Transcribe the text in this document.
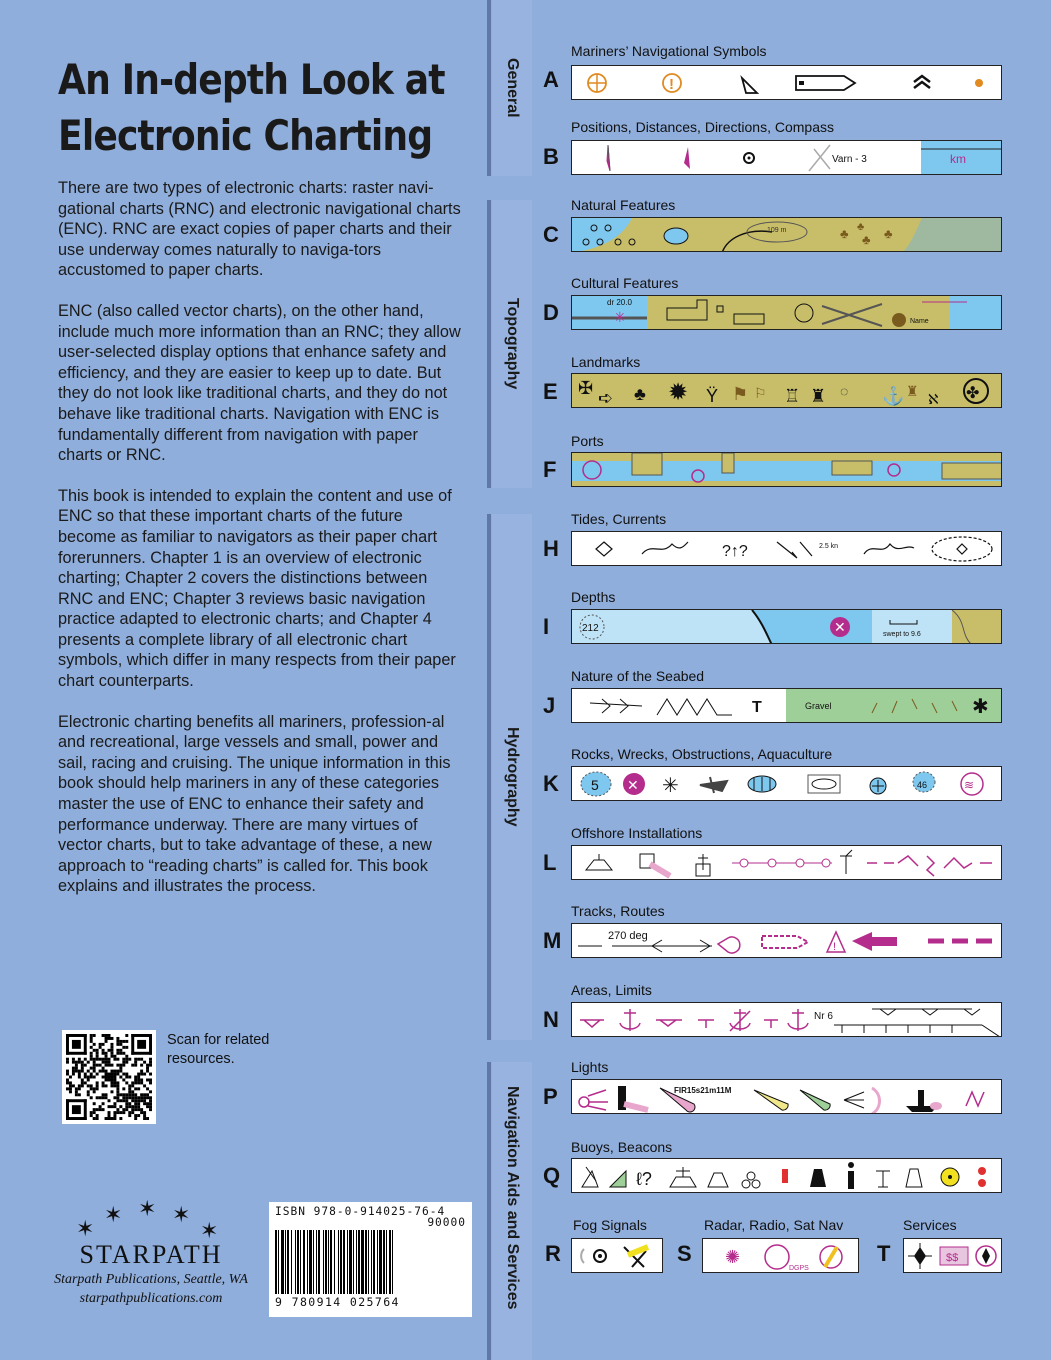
An In-depth Look at
Electronic Charting

There are two types of electronic charts: raster navi-gational charts (RNC) and electronic navigational charts (ENC). RNC are exact copies of paper charts and their use underway comes naturally to naviga-tors accustomed to paper charts.

ENC (also called vector charts), on the other hand, include much more information than an RNC; they allow user-selected display options that enhance safety and efficiency, and they are easier to keep up to date. But they do not look like traditional charts, and they do not behave like traditional charts. Navigation with ENC is fundamentally different from navigation with paper charts or RNC.

This book is intended to explain the content and use of ENC so that these important charts of the future become as familiar to navigators as their paper chart forerunners. Chapter 1 is an overview of electronic charting; Chapter 2 covers the distinctions between RNC and ENC; Chapter 3 reviews basic navigation practice adapted to electronic charts; and Chapter 4 presents a complete library of all electronic chart symbols, which differ in many respects from their paper chart counterparts.

Electronic charting benefits all mariners, profession-al and recreational, large vessels and small, power and sail, racing and cruising. The unique information in this book should help mariners in any of these categories master the use of ENC to enhance their safety and performance underway. There are many virtues of vector charts, but to take advantage of these, a new approach to “reading charts” is called for. This book explains and illustrates the process.

Scan for related resources.
✶
✶ ✶ ✶
✶
STARPATH
Starpath Publications, Seattle, WA
starpathpublications.com
ISBN 978-0-914025-76-4
90000
9 780914 025764
General
Topography
Hydrography
Navigation Aids and Services
Mariners’ Navigational Symbols
A	!
Positions, Distances, Directions, Compass
B	Varn - 3	km
Natural Features
C	109 m	♣ ♣ ♣
♣
Cultural Features
D	dr 20.0
✳	Name
Landmarks
E ✠ ➪ ♣ ✹ Ÿ ⚑ ⚐ ♖ ♜ ◌ ⚓ ♜ ℵ ✤
Ports
F
Tides, Currents
H	?↑?	2.5 kn
Depths
I	212	✕	swept to 9.6
Nature of the Seabed
J	T	Gravel	✱
Rocks, Wrecks, Obstructions, Aquaculture
K 5 ✕ ✳	46	≋
Offshore Installations
L
Tracks, Routes
M	270 deg
!
Areas, Limits
N	Nr 6
Lights
P	FIR15s21m11M
Buoys, Beacons
Q	ℓ?
Fog Signals
R
Radar, Radio, Sat Nav
S ✺
DGPS
Services
T	$$
